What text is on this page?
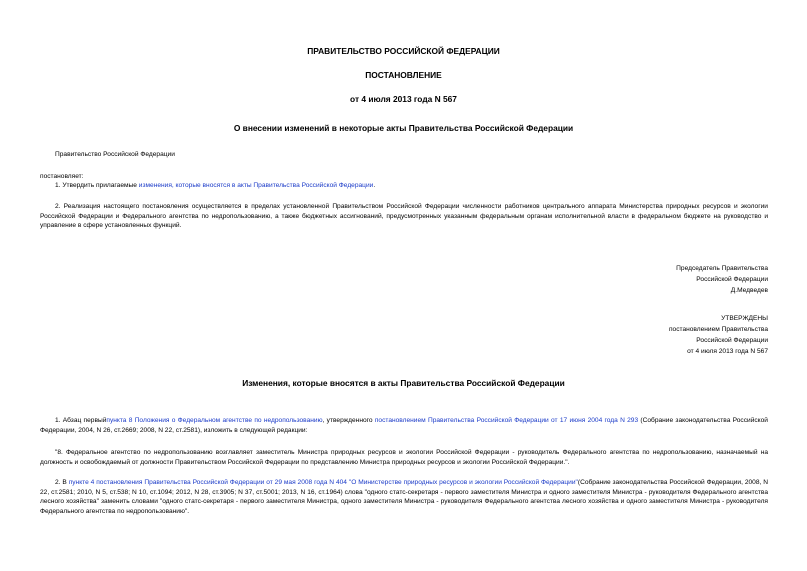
ПРАВИТЕЛЬСТВО РОССИЙСКОЙ ФЕДЕРАЦИИ
ПОСТАНОВЛЕНИЕ
от 4 июля 2013 года N 567
О внесении изменений в некоторые акты Правительства Российской Федерации
Правительство Российской Федерации
постановляет:
1. Утвердить прилагаемые изменения, которые вносятся в акты Правительства Российской Федерации.
2. Реализация настоящего постановления осуществляется в пределах установленной Правительством Российской Федерации численности работников центрального аппарата Министерства природных ресурсов и экологии Российской Федерации и Федерального агентства по недропользованию, а также бюджетных ассигнований, предусмотренных указанным федеральным органам исполнительной власти в федеральном бюджете на руководство и управление в сфере установленных функций.
Председатель Правительства
Российской Федерации
Д.Медведев
УТВЕРЖДЕНЫ
постановлением Правительства
Российской Федерации
от 4 июля 2013 года N 567
Изменения, которые вносятся в акты Правительства Российской Федерации
1. Абзац первыйпункта 8 Положения о Федеральном агентстве по недропользованию, утвержденного постановлением Правительства Российской Федерации от 17 июня 2004 года N 293 (Собрание законодательства Российской Федерации, 2004, N 26, ст.2669; 2008, N 22, ст.2581), изложить в следующей редакции:
"8. Федеральное агентство по недропользованию возглавляет заместитель Министра природных ресурсов и экологии Российской Федерации - руководитель Федерального агентства по недропользованию, назначаемый на должность и освобождаемый от должности Правительством Российской Федерации по представлению Министра природных ресурсов и экологии Российской Федерации.".
2. В пункте 4 постановления Правительства Российской Федерации от 29 мая 2008 года N 404 "О Министерстве природных ресурсов и экологии Российской Федерации"(Собрание законодательства Российской Федерации, 2008, N 22, ст.2581; 2010, N 5, ст.538; N 10, ст.1094; 2012, N 28, ст.3905; N 37, ст.5001; 2013, N 16, ст.1964) слова "одного статс-секретаря - первого заместителя Министра и одного заместителя Министра - руководителя Федерального агентства лесного хозяйства" заменить словами "одного статс-секретаря - первого заместителя Министра, одного заместителя Министра - руководителя Федерального агентства лесного хозяйства и одного заместителя Министра - руководителя Федерального агентства по недропользованию".
